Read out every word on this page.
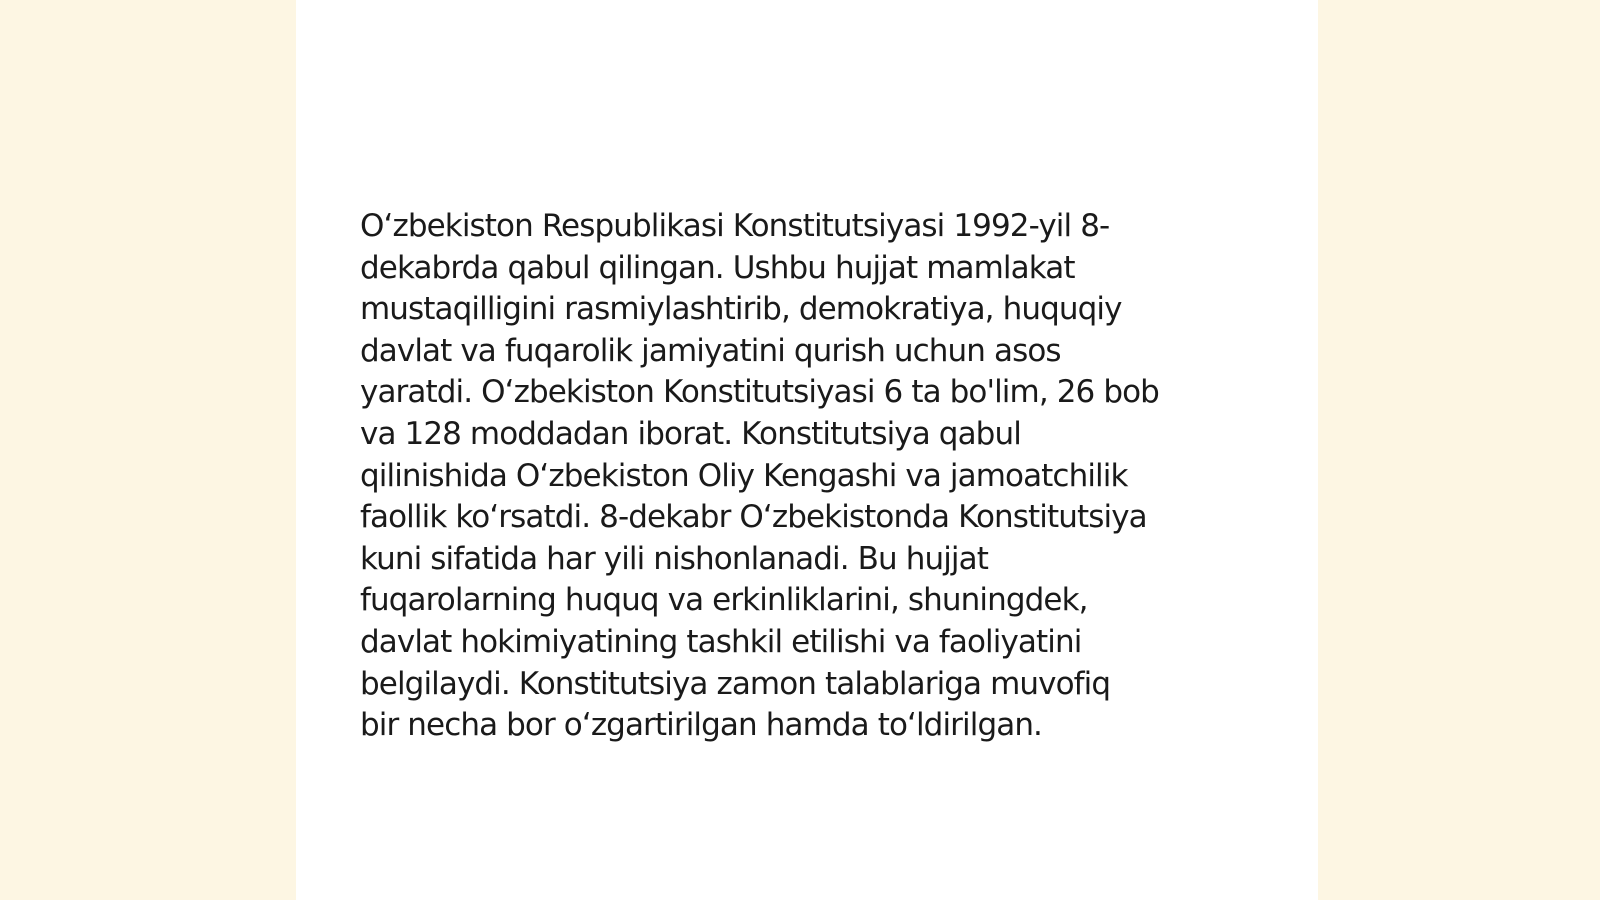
Oʻzbekiston Respublikasi Konstitutsiyasi 1992-yil 8-
dekabrda qabul qilingan. Ushbu hujjat mamlakat
mustaqilligini rasmiylashtirib, demokratiya, huquqiy
davlat va fuqarolik jamiyatini qurish uchun asos
yaratdi. Oʻzbekiston Konstitutsiyasi 6 ta bo'lim, 26 bob
va 128 moddadan iborat. Konstitutsiya qabul
qilinishida Oʻzbekiston Oliy Kengashi va jamoatchilik
faollik koʻrsatdi. 8-dekabr Oʻzbekistonda Konstitutsiya
kuni sifatida har yili nishonlanadi. Bu hujjat
fuqarolarning huquq va erkinliklarini, shuningdek,
davlat hokimiyatining tashkil etilishi va faoliyatini
belgilaydi. Konstitutsiya zamon talablariga muvofiq
bir necha bor oʻzgartirilgan hamda toʻldirilgan.
